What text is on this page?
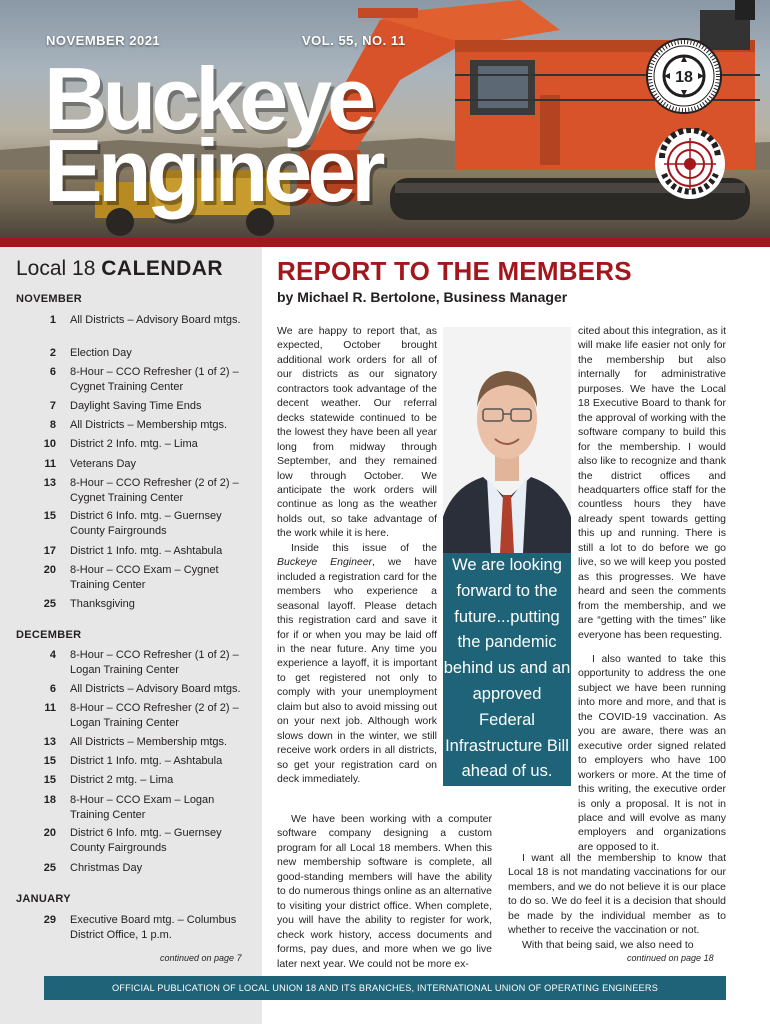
NOVEMBER 2021	VOL. 55, NO. 11
Buckeye
Engineer
18
Local 18 CALENDAR
NOVEMBER
1 All Districts – Advisory Board mtgs.
2 Election Day
6 8-Hour – CCO Refresher (1 of 2) – Cygnet Training Center
7 Daylight Saving Time Ends
8 All Districts – Membership mtgs.
10 District 2 Info. mtg. – Lima
11 Veterans Day
13 8-Hour – CCO Refresher (2 of 2) – Cygnet Training Center
15 District 6 Info. mtg. – Guernsey County Fairgrounds
17 District 1 Info. mtg. – Ashtabula
20 8-Hour – CCO Exam – Cygnet Training Center
25 Thanksgiving
DECEMBER
4 8-Hour – CCO Refresher (1 of 2) – Logan Training Center
6 All Districts – Advisory Board mtgs.
11 8-Hour – CCO Refresher (2 of 2) – Logan Training Center
13 All Districts – Membership mtgs.
15 District 1 Info. mtg. – Ashtabula
15 District 2 mtg. – Lima
18 8-Hour – CCO Exam – Logan Training Center
20 District 6 Info. mtg. – Guernsey County Fairgrounds
25 Christmas Day
JANUARY
29 Executive Board mtg. – Columbus District Office, 1 p.m.
continued on page 7
REPORT TO THE MEMBERS
by Michael R. Bertolone, Business Manager

We are happy to report that, as expected, October brought additional work orders for all of our districts as our signatory contractors took advantage of the decent weather. Our referral decks statewide continued to be the lowest they have been all year long from midway through September, and they remained low through October. We anticipate the work orders will continue as long as the weather holds out, so take advantage of the work while it is here.

Inside this issue of the Buckeye Engineer, we have included a registration card for the members who experience a seasonal layoff. Please detach this registration card and save it for if or when you may be laid off in the near future. Any time you experience a layoff, it is important to get registered not only to comply with your unemployment claim but also to avoid missing out on your next job. Although work slows down in the winter, we still receive work orders in all districts, so get your registration card on deck immediately.

We have been working with a computer software company designing a custom program for all Local 18 members. When this new membership software is complete, all good-standing members will have the ability to do numerous things online as an alternative to visiting your district office. When complete, you will have the ability to register for work, check work history, access documents and forms, pay dues, and more when we go live later next year. We could not be more ex-

We are looking forward to the future...putting the pandemic behind us and an approved Federal Infrastructure Bill ahead of us.

cited about this integration, as it will make life easier not only for the membership but also internally for administrative purposes. We have the Local 18 Executive Board to thank for the approval of working with the software company to build this for the membership. I would also like to recognize and thank the district offices and headquarters office staff for the countless hours they have already spent towards getting this up and running. There is still a lot to do before we go live, so we will keep you posted as this progresses. We have heard and seen the comments from the membership, and we are “getting with the times” like everyone has been requesting.

I also wanted to take this opportunity to address the one subject we have been running into more and more, and that is the COVID-19 vaccination. As you are aware, there was an executive order signed related to employers who have 100 workers or more. At the time of this writing, the executive order is only a proposal. It is not in place and will evolve as many employers and organizations are opposed to it.

I want all the membership to know that Local 18 is not mandating vaccinations for our members, and we do not believe it is our place to do so. We do feel it is a decision that should be made by the individual member as to whether to receive the vaccination or not.

With that being said, we also need to

continued on page 18
OFFICIAL PUBLICATION OF LOCAL UNION 18 AND ITS BRANCHES, INTERNATIONAL UNION OF OPERATING ENGINEERS
